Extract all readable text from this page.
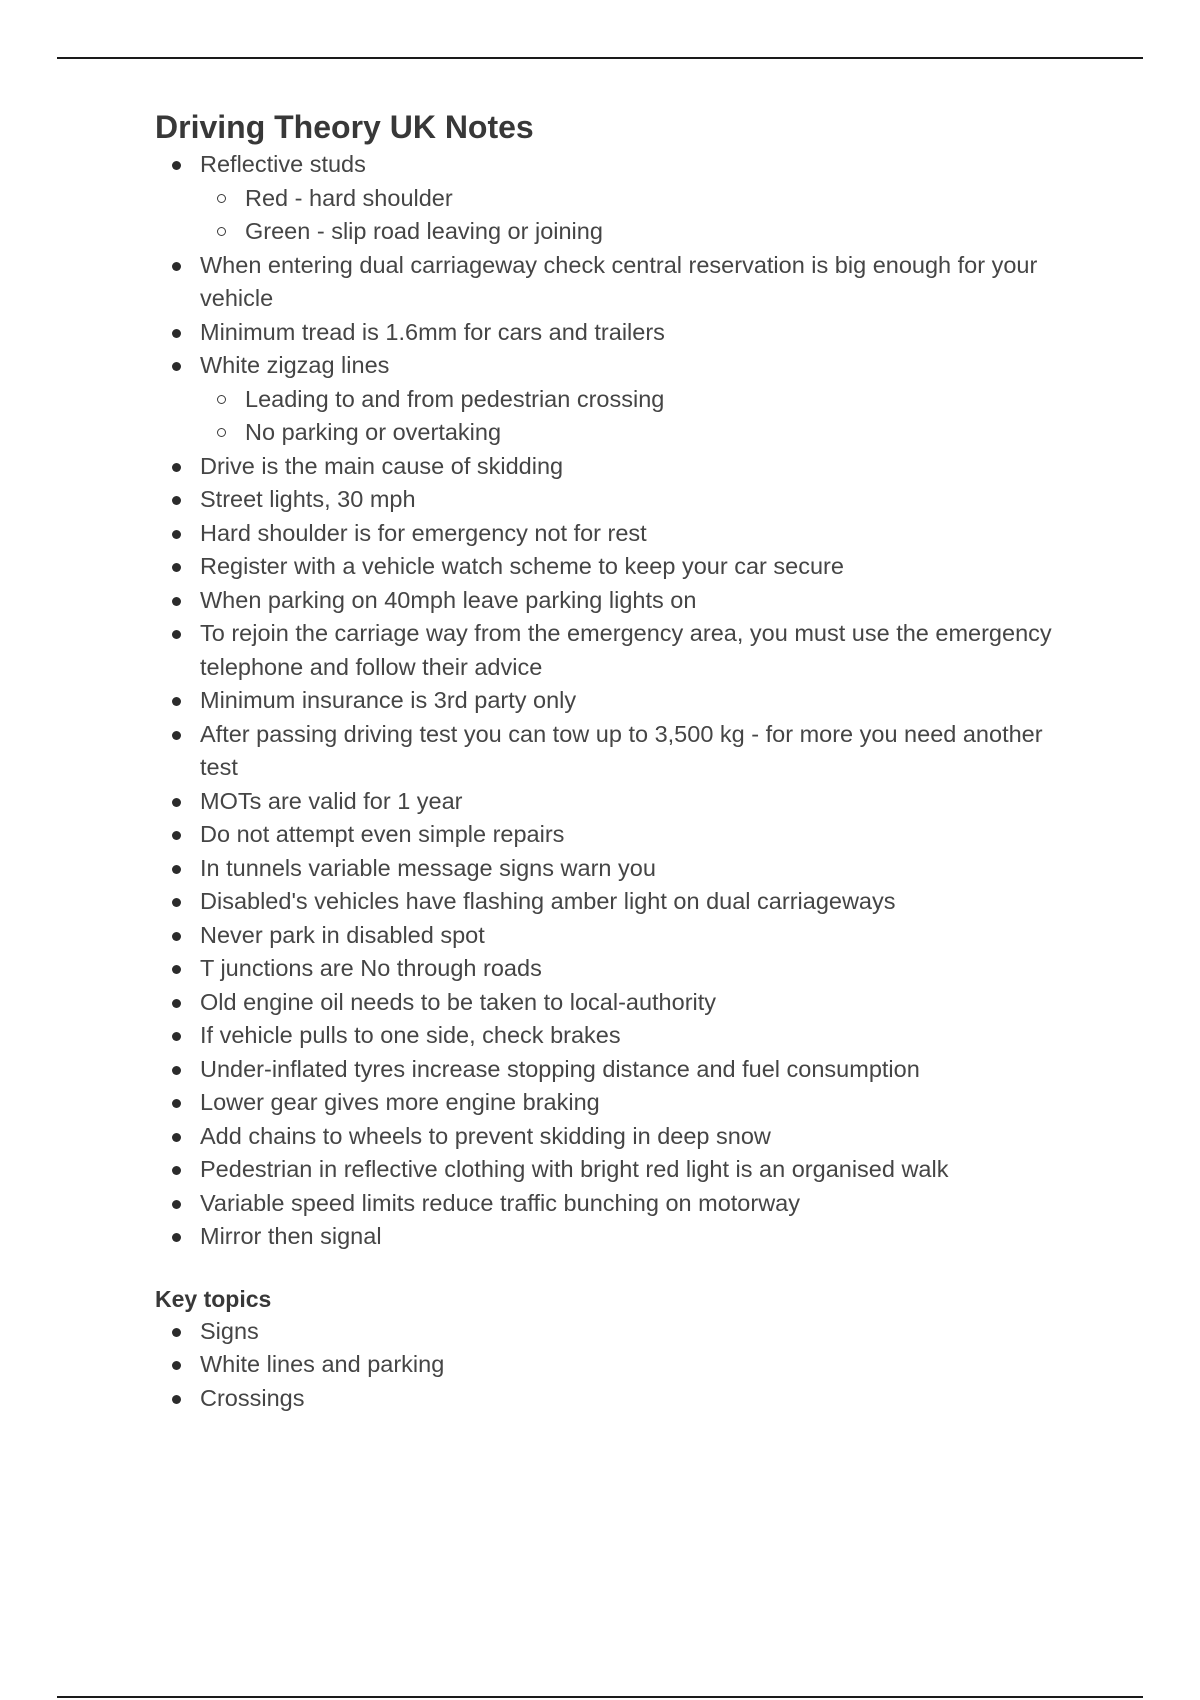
Driving Theory UK Notes
Reflective studs
Red - hard shoulder
Green - slip road leaving or joining
When entering dual carriageway check central reservation is big enough for your vehicle
Minimum tread is 1.6mm for cars and trailers
White zigzag lines
Leading to and from pedestrian crossing
No parking or overtaking
Drive is the main cause of skidding
Street lights, 30 mph
Hard shoulder is for emergency not for rest
Register with a vehicle watch scheme to keep your car secure
When parking on 40mph leave parking lights on
To rejoin the carriage way from the emergency area, you must use the emergency telephone and follow their advice
Minimum insurance is 3rd party only
After passing driving test you can tow up to 3,500 kg - for more you need another test
MOTs are valid for 1 year
Do not attempt even simple repairs
In tunnels variable message signs warn you
Disabled's vehicles have flashing amber light on dual carriageways
Never park in disabled spot
T junctions are No through roads
Old engine oil needs to be taken to local-authority
If vehicle pulls to one side, check brakes
Under-inflated tyres increase stopping distance and fuel consumption
Lower gear gives more engine braking
Add chains to wheels to prevent skidding in deep snow
Pedestrian in reflective clothing with bright red light is an organised walk
Variable speed limits reduce traffic bunching on motorway
Mirror then signal
Key topics
Signs
White lines and parking
Crossings
